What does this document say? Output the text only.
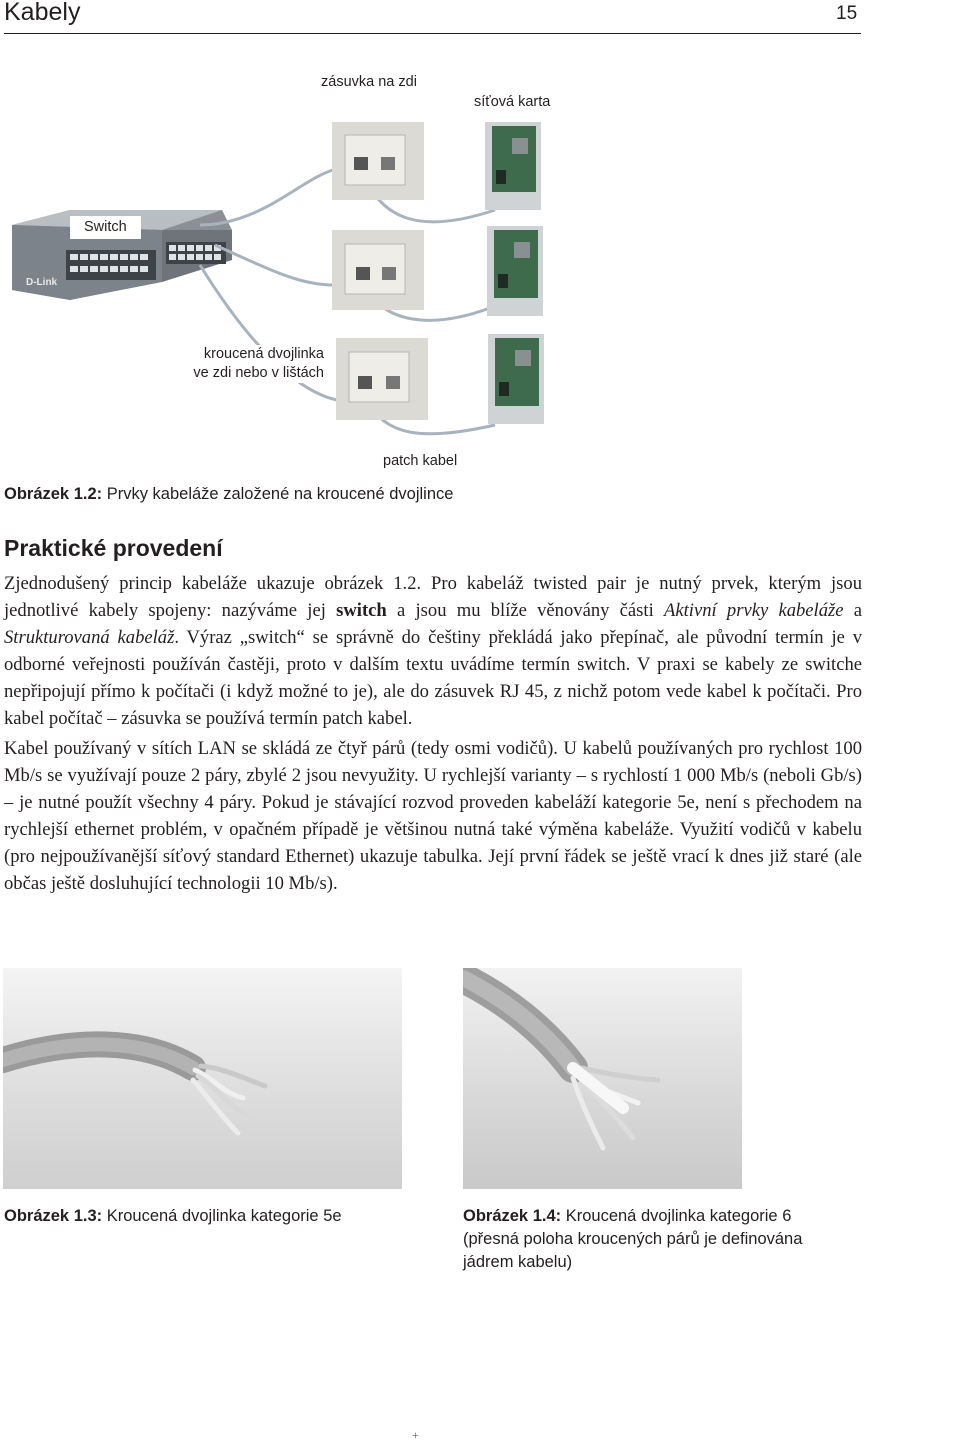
Kabely	15
D-Link
zásuvka na zdi
síťová karta
Switch
kroucená dvojlinka
ve zdi nebo v lištách
patch kabel
Obrázek 1.2: Prvky kabeláže založené na kroucené dvojlince
Praktické provedení

Zjednodušený princip kabeláže ukazuje obrázek 1.2. Pro kabeláž twisted pair je nutný prvek, kterým jsou jednotlivé kabely spojeny: nazýváme jej switch a jsou mu blíže věnovány části Aktivní prvky kabeláže a Strukturovaná kabeláž. Výraz „switch“ se správně do češtiny překládá jako přepínač, ale původní termín je v odborné veřejnosti používán častěji, proto v dalším textu uvádíme termín switch. V praxi se kabely ze switche nepřipojují přímo k počítači (i když možné to je), ale do zásuvek RJ 45, z nichž potom vede kabel k počítači. Pro kabel počítač – zásuvka se používá termín patch kabel.

Kabel používaný v sítích LAN se skládá ze čtyř párů (tedy osmi vodičů). U kabelů používaných pro rychlost 100 Mb/s se využívají pouze 2 páry, zbylé 2 jsou nevyužity. U rychlejší varianty – s rychlostí 1 000 Mb/s (neboli Gb/s) – je nutné použít všechny 4 páry. Pokud je stávající rozvod proveden kabeláží kategorie 5e, není s přechodem na rychlejší ethernet problém, v opačném případě je většinou nutná také výměna kabeláže. Využití vodičů v kabelu (pro nejpoužívanější síťový standard Ethernet) ukazuje tabulka. Její první řádek se ještě vrací k dnes již staré (ale občas ještě dosluhující technologii 10 Mb/s).

Obrázek 1.3: Kroucená dvojlinka kategorie 5e	Obrázek 1.4: Kroucená dvojlinka kategorie 6
(přesná poloha kroucených párů je definována
jádrem kabelu)
+
